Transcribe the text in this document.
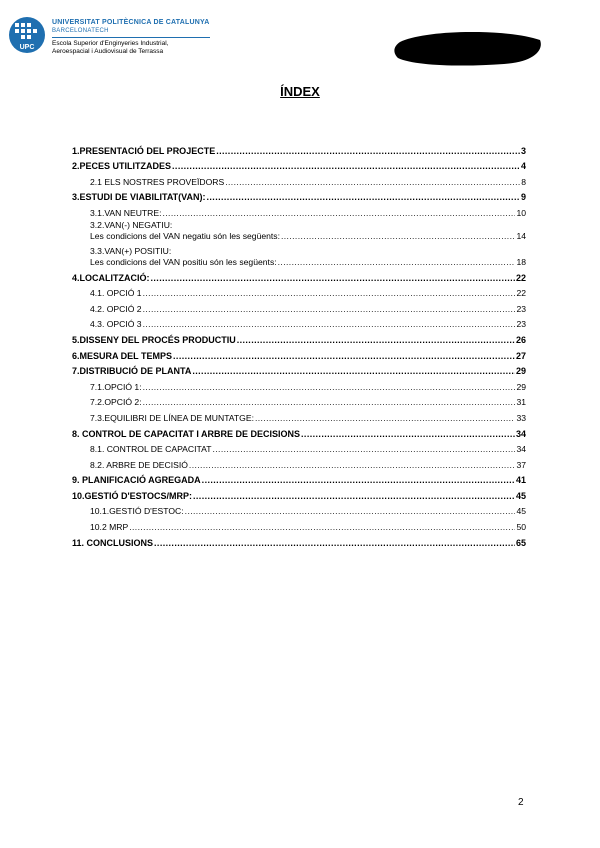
UPC
UNIVERSITAT POLITÈCNICA DE CATALUNYA
BARCELONATECH
Escola Superior d'Enginyeries Industrial,
Aeroespacial i Audiovisual de Terrassa
ÍNDEX
1.PRESENTACIÓ DEL PROJECTE .....	3
2.PECES UTILITZADES .....	4
2.1 ELS NOSTRES PROVEÏDORS .....	8
3.ESTUDI DE VIABILITAT(VAN): .....	9
3.1.VAN NEUTRE: .....	10
3.2.VAN(-) NEGATIU:
Les condicions del VAN negatiu són les següents: .....	14
3.3.VAN(+) POSITIU:
Les condicions del VAN positiu són les següents: .....	18
4.LOCALITZACIÓ: .....	22
4.1. OPCIÓ 1 .....	22
4.2. OPCIÓ 2 .....	23
4.3. OPCIÓ 3 .....	23
5.DISSENY DEL PROCÉS PRODUCTIU .....	26
6.MESURA DEL TEMPS .....	27
7.DISTRIBUCIÓ DE PLANTA .....	29
7.1.OPCIÓ 1: .....	29
7.2.OPCIÓ 2: .....	31
7.3.EQUILIBRI DE LÍNEA DE MUNTATGE: .....	33
8. CONTROL DE CAPACITAT I ARBRE DE DECISIONS .....	34
8.1. CONTROL DE CAPACITAT .....	34
8.2. ARBRE DE DECISIÓ .....	37
9. PLANIFICACIÓ AGREGADA .....	41
10.GESTIÓ D'ESTOCS/MRP: .....	45
10.1.GESTIÓ D'ESTOC: .....	45
10.2 MRP .....	50
11. CONCLUSIONS .....	65
2
